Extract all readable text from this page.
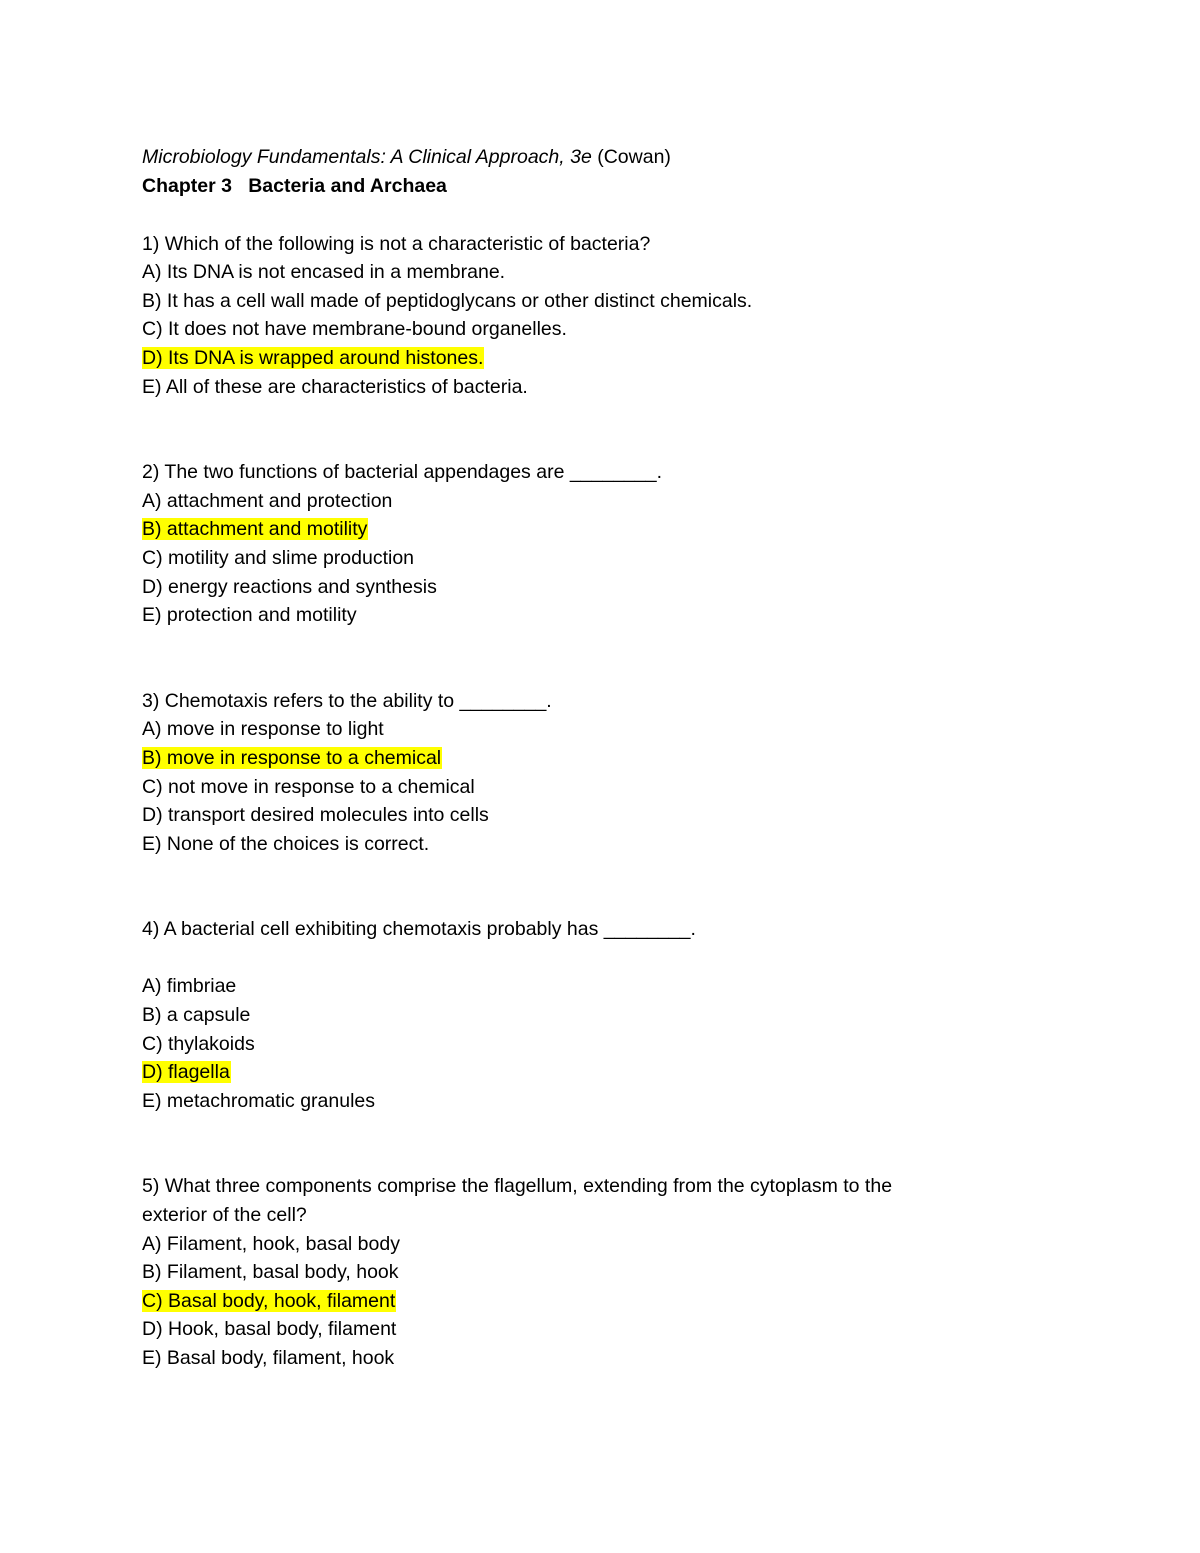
Microbiology Fundamentals: A Clinical Approach, 3e (Cowan)
Chapter 3   Bacteria and Archaea
1) Which of the following is not a characteristic of bacteria?
A) Its DNA is not encased in a membrane.
B) It has a cell wall made of peptidoglycans or other distinct chemicals.
C) It does not have membrane-bound organelles.
D) Its DNA is wrapped around histones.
E) All of these are characteristics of bacteria.
2) The two functions of bacterial appendages are ________.
A) attachment and protection
B) attachment and motility
C) motility and slime production
D) energy reactions and synthesis
E) protection and motility
3) Chemotaxis refers to the ability to ________.
A) move in response to light
B) move in response to a chemical
C) not move in response to a chemical
D) transport desired molecules into cells
E) None of the choices is correct.
4) A bacterial cell exhibiting chemotaxis probably has ________.
A) fimbriae
B) a capsule
C) thylakoids
D) flagella
E) metachromatic granules
5) What three components comprise the flagellum, extending from the cytoplasm to the
exterior of the cell?
A) Filament, hook, basal body
B) Filament, basal body, hook
C) Basal body, hook, filament
D) Hook, basal body, filament
E) Basal body, filament, hook
